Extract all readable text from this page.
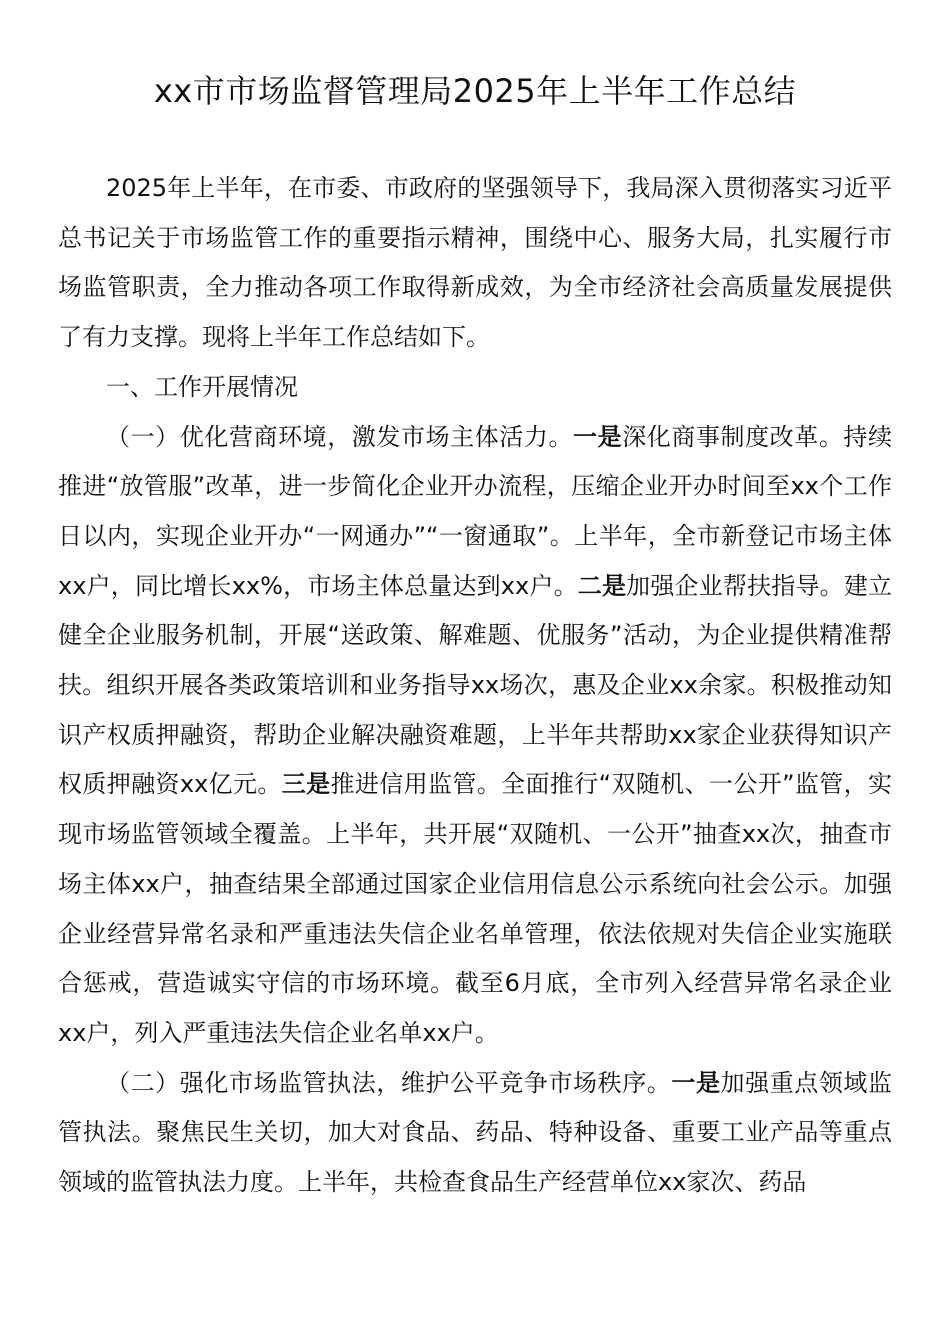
xx市市场监督管理局2025年上半年工作总结

2025年上半年，在市委、市政府的坚强领导下，我局深入贯彻落实习近平总书记关于市场监管工作的重要指示精神，围绕中心、服务大局，扎实履行市场监管职责，全力推动各项工作取得新成效，为全市经济社会高质量发展提供了有力支撑。现将上半年工作总结如下。

一、工作开展情况

（一）优化营商环境，激发市场主体活力。一是深化商事制度改革。持续推进“放管服”改革，进一步简化企业开办流程，压缩企业开办时间至xx个工作日以内，实现企业开办“一网通办”“一窗通取”。上半年，全市新登记市场主体xx户，同比增长xx%，市场主体总量达到xx户。二是加强企业帮扶指导。建立健全企业服务机制，开展“送政策、解难题、优服务”活动，为企业提供精准帮扶。组织开展各类政策培训和业务指导xx场次，惠及企业xx余家。积极推动知识产权质押融资，帮助企业解决融资难题，上半年共帮助xx家企业获得知识产权质押融资xx亿元。三是推进信用监管。全面推行“双随机、一公开”监管，实现市场监管领域全覆盖。上半年，共开展“双随机、一公开”抽查xx次，抽查市场主体xx户，抽查结果全部通过国家企业信用信息公示系统向社会公示。加强企业经营异常名录和严重违法失信企业名单管理，依法依规对失信企业实施联合惩戒，营造诚实守信的市场环境。截至6月底，全市列入经营异常名录企业xx户，列入严重违法失信企业名单xx户。

（二）强化市场监管执法，维护公平竞争市场秩序。一是加强重点领域监管执法。聚焦民生关切，加大对食品、药品、特种设备、重要工业产品等重点领域的监管执法力度。上半年，共检查食品生产经营单位xx家次、药品
